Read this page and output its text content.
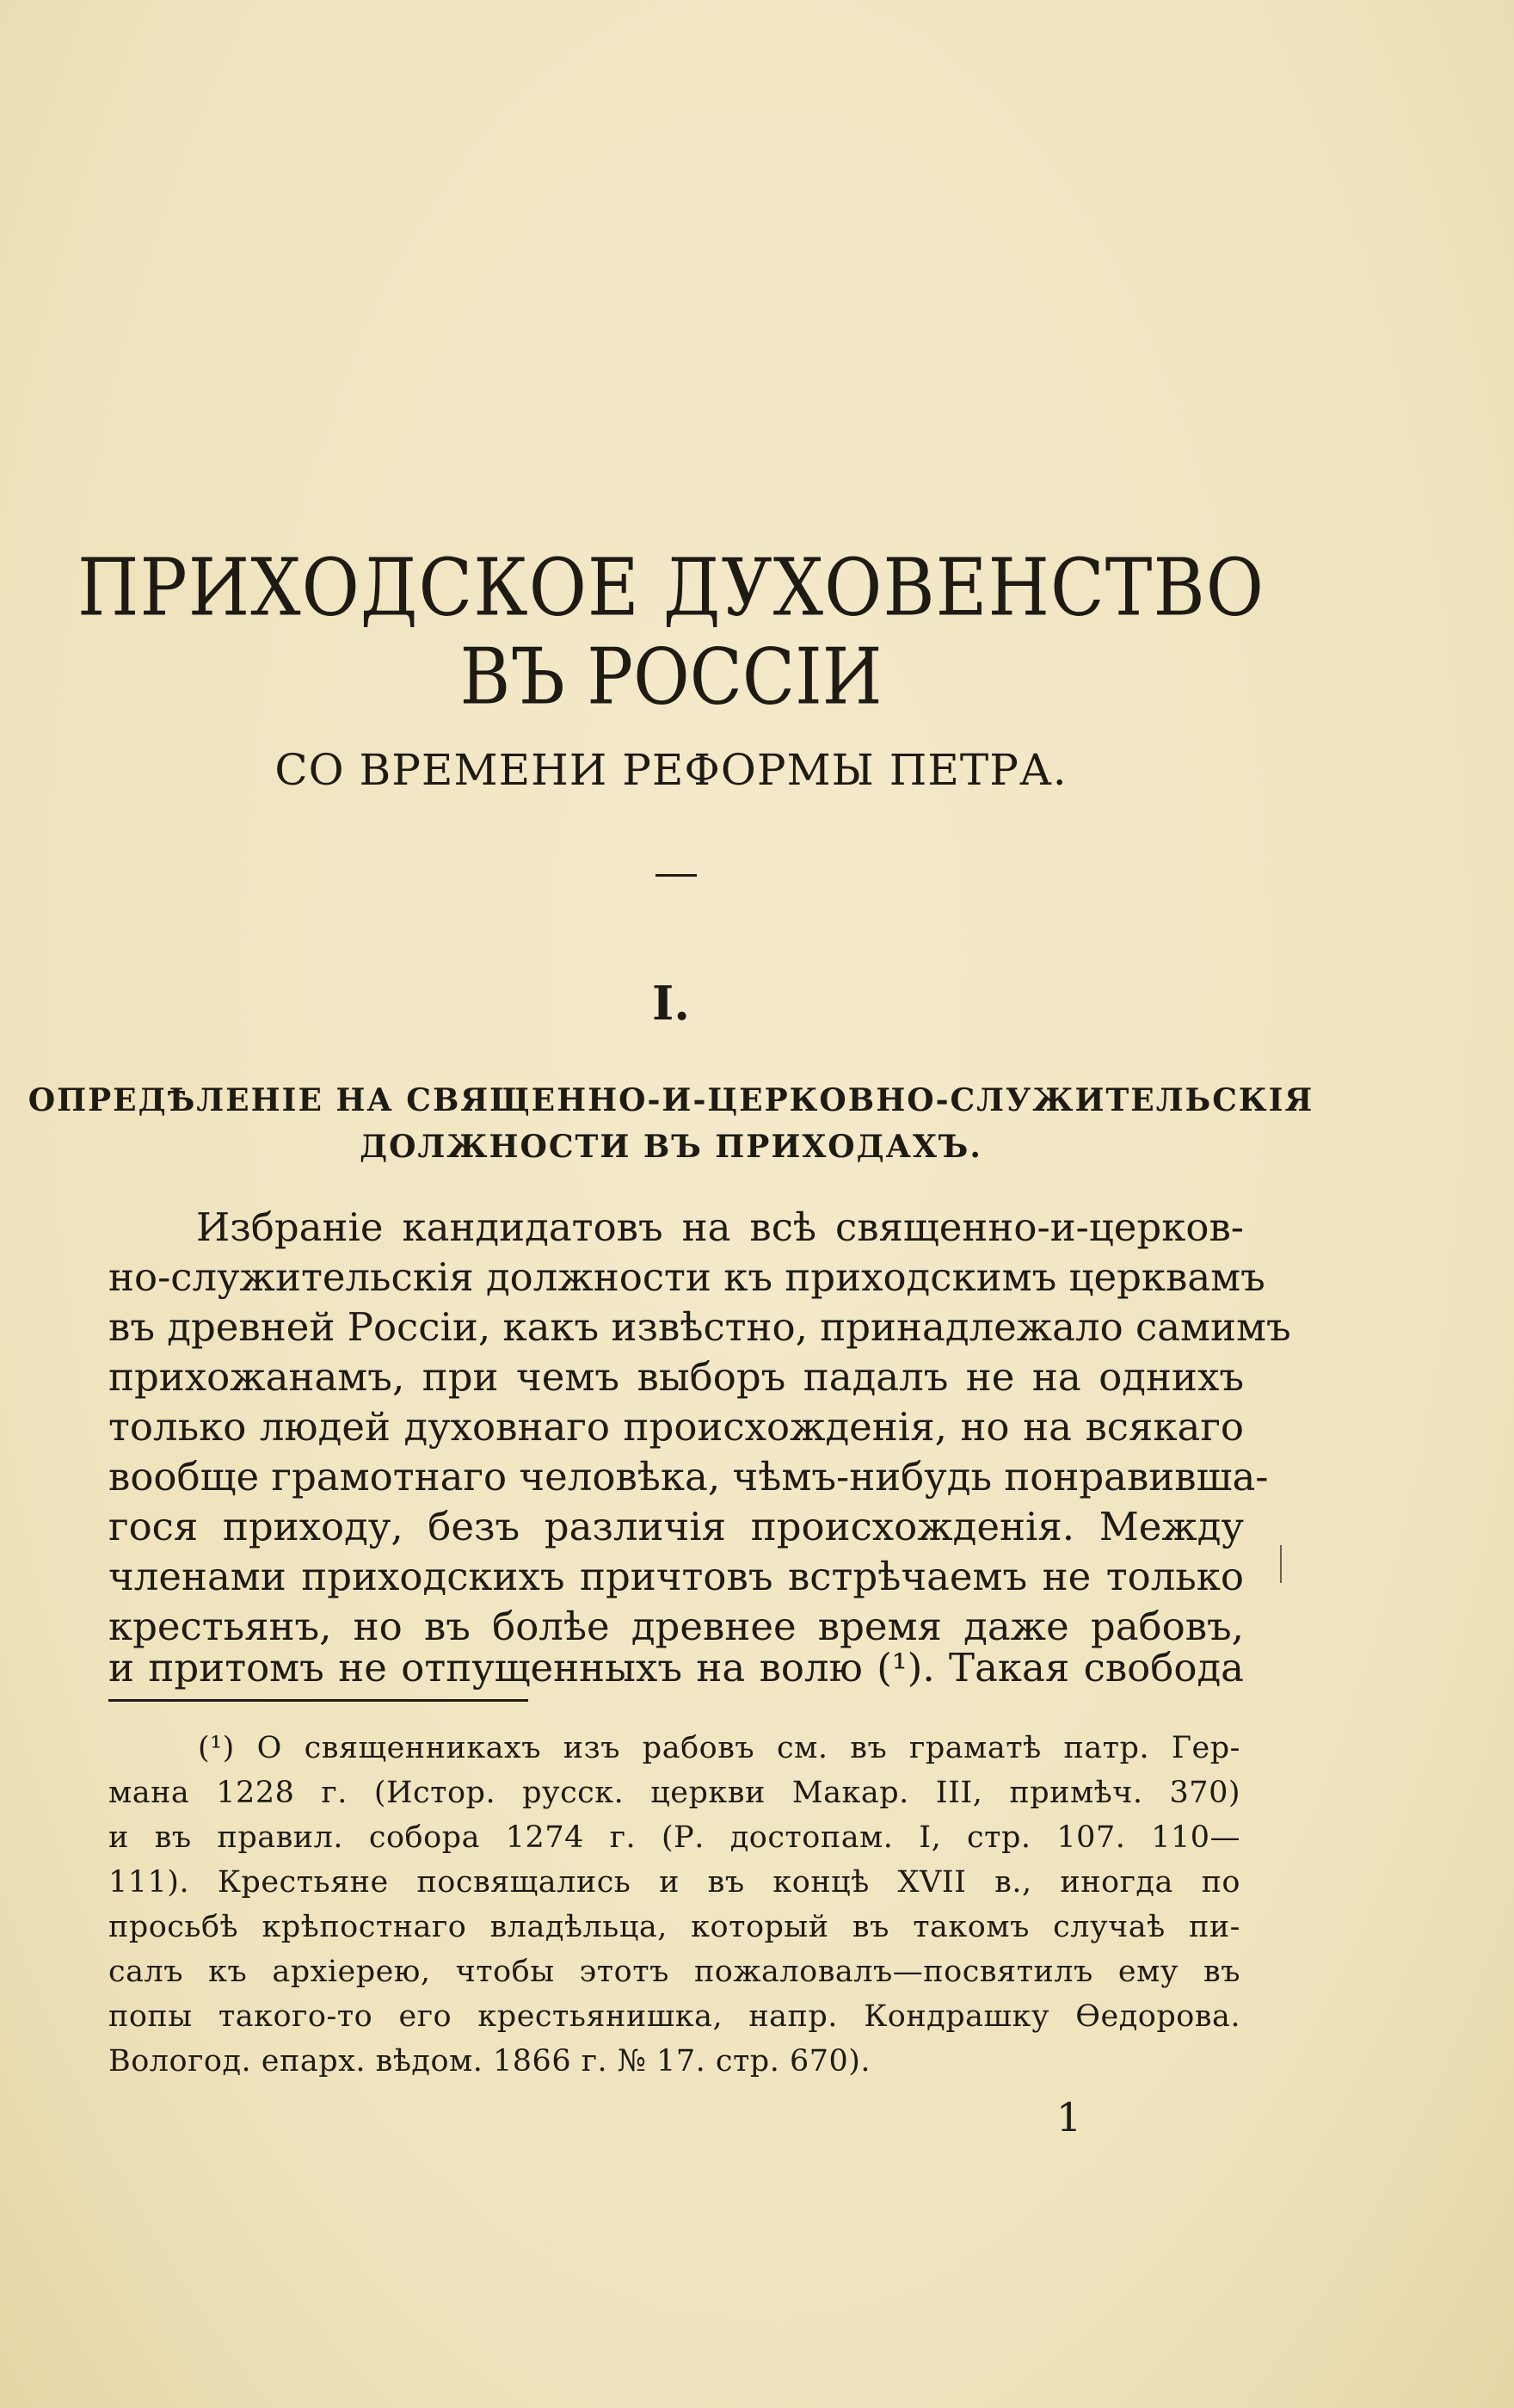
ПРИХОДСКОЕ ДУХОВЕНСТВО
ВЪ РОССІИ
СО ВРЕМЕНИ РЕФОРМЫ ПЕТРА.
I.
ОПРЕДѢЛЕНІЕ НА СВЯЩЕННО-И-ЦЕРКОВНО-СЛУЖИТЕЛЬСКІЯ
ДОЛЖНОСТИ ВЪ ПРИХОДАХЪ.
Избраніе кандидатовъ на всѣ священно-и-церков-
но-служительскія должности къ приходскимъ церквамъ
въ древней Россіи, какъ извѣстно, принадлежало самимъ
прихожанамъ, при чемъ выборъ падалъ не на однихъ
только людей духовнаго происхожденія, но на всякаго
вообще грамотнаго человѣка, чѣмъ-нибудь понравивша-
гося приходу, безъ различія происхожденія. Между
членами приходскихъ причтовъ встрѣчаемъ не только
крестьянъ, но въ болѣе древнее время даже рабовъ,
и притомъ не отпущенныхъ на волю (¹). Такая свобода
(¹) О священникахъ изъ рабовъ см. въ граматѣ патр. Гер-
мана 1228 г. (Истор. русск. церкви Макар. III, примѣч. 370)
и въ правил. собора 1274 г. (Р. достопам. I, стр. 107. 110—
111). Крестьяне посвящались и въ концѣ XVII в., иногда по
просьбѣ крѣпостнаго владѣльца, который въ такомъ случаѣ пи-
салъ къ архіерею, чтобы этотъ пожаловалъ—посвятилъ ему въ
попы такого-то его крестьянишка, напр. Кондрашку Ѳедорова.
Вологод. епарх. вѣдом. 1866 г. № 17. стр. 670).
1
